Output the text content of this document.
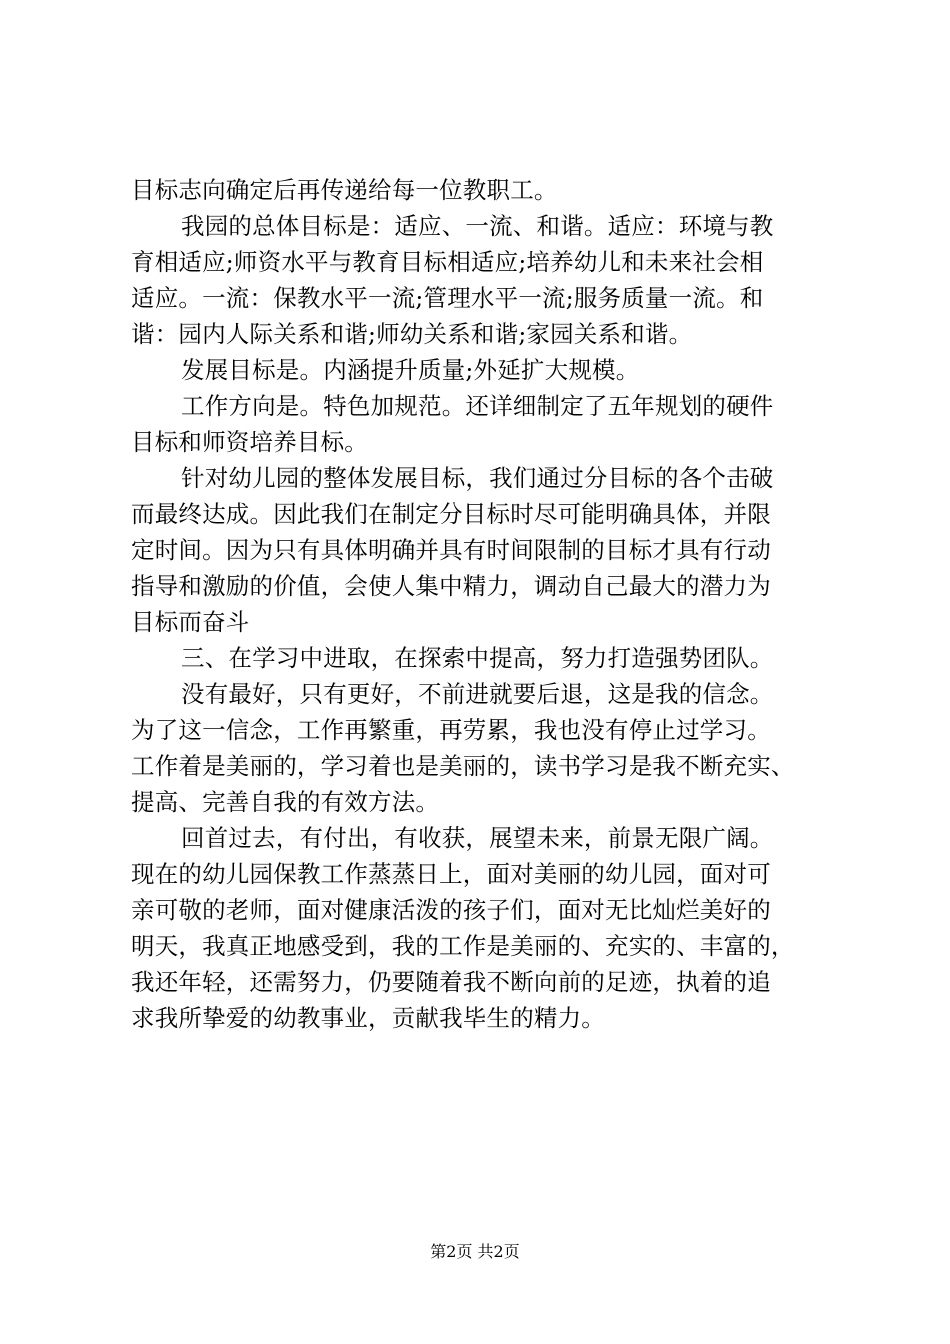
目标志向确定后再传递给每一位教职工。
我园的总体目标是：适应、一流、和谐。适应：环境与教
育相适应;师资水平与教育目标相适应;培养幼儿和未来社会相
适应。一流：保教水平一流;管理水平一流;服务质量一流。和
谐：园内人际关系和谐;师幼关系和谐;家园关系和谐。
发展目标是。内涵提升质量;外延扩大规模。
工作方向是。特色加规范。还详细制定了五年规划的硬件
目标和师资培养目标。
针对幼儿园的整体发展目标，我们通过分目标的各个击破
而最终达成。因此我们在制定分目标时尽可能明确具体，并限
定时间。因为只有具体明确并具有时间限制的目标才具有行动
指导和激励的价值，会使人集中精力，调动自己最大的潜力为
目标而奋斗
三、在学习中进取，在探索中提高，努力打造强势团队。
没有最好，只有更好，不前进就要后退，这是我的信念。
为了这一信念，工作再繁重，再劳累，我也没有停止过学习。
工作着是美丽的，学习着也是美丽的，读书学习是我不断充实、
提高、完善自我的有效方法。
回首过去，有付出，有收获，展望未来，前景无限广阔。
现在的幼儿园保教工作蒸蒸日上，面对美丽的幼儿园，面对可
亲可敬的老师，面对健康活泼的孩子们，面对无比灿烂美好的
明天，我真正地感受到，我的工作是美丽的、充实的、丰富的，
我还年轻，还需努力，仍要随着我不断向前的足迹，执着的追
求我所挚爱的幼教事业，贡献我毕生的精力。
第2页 共2页
